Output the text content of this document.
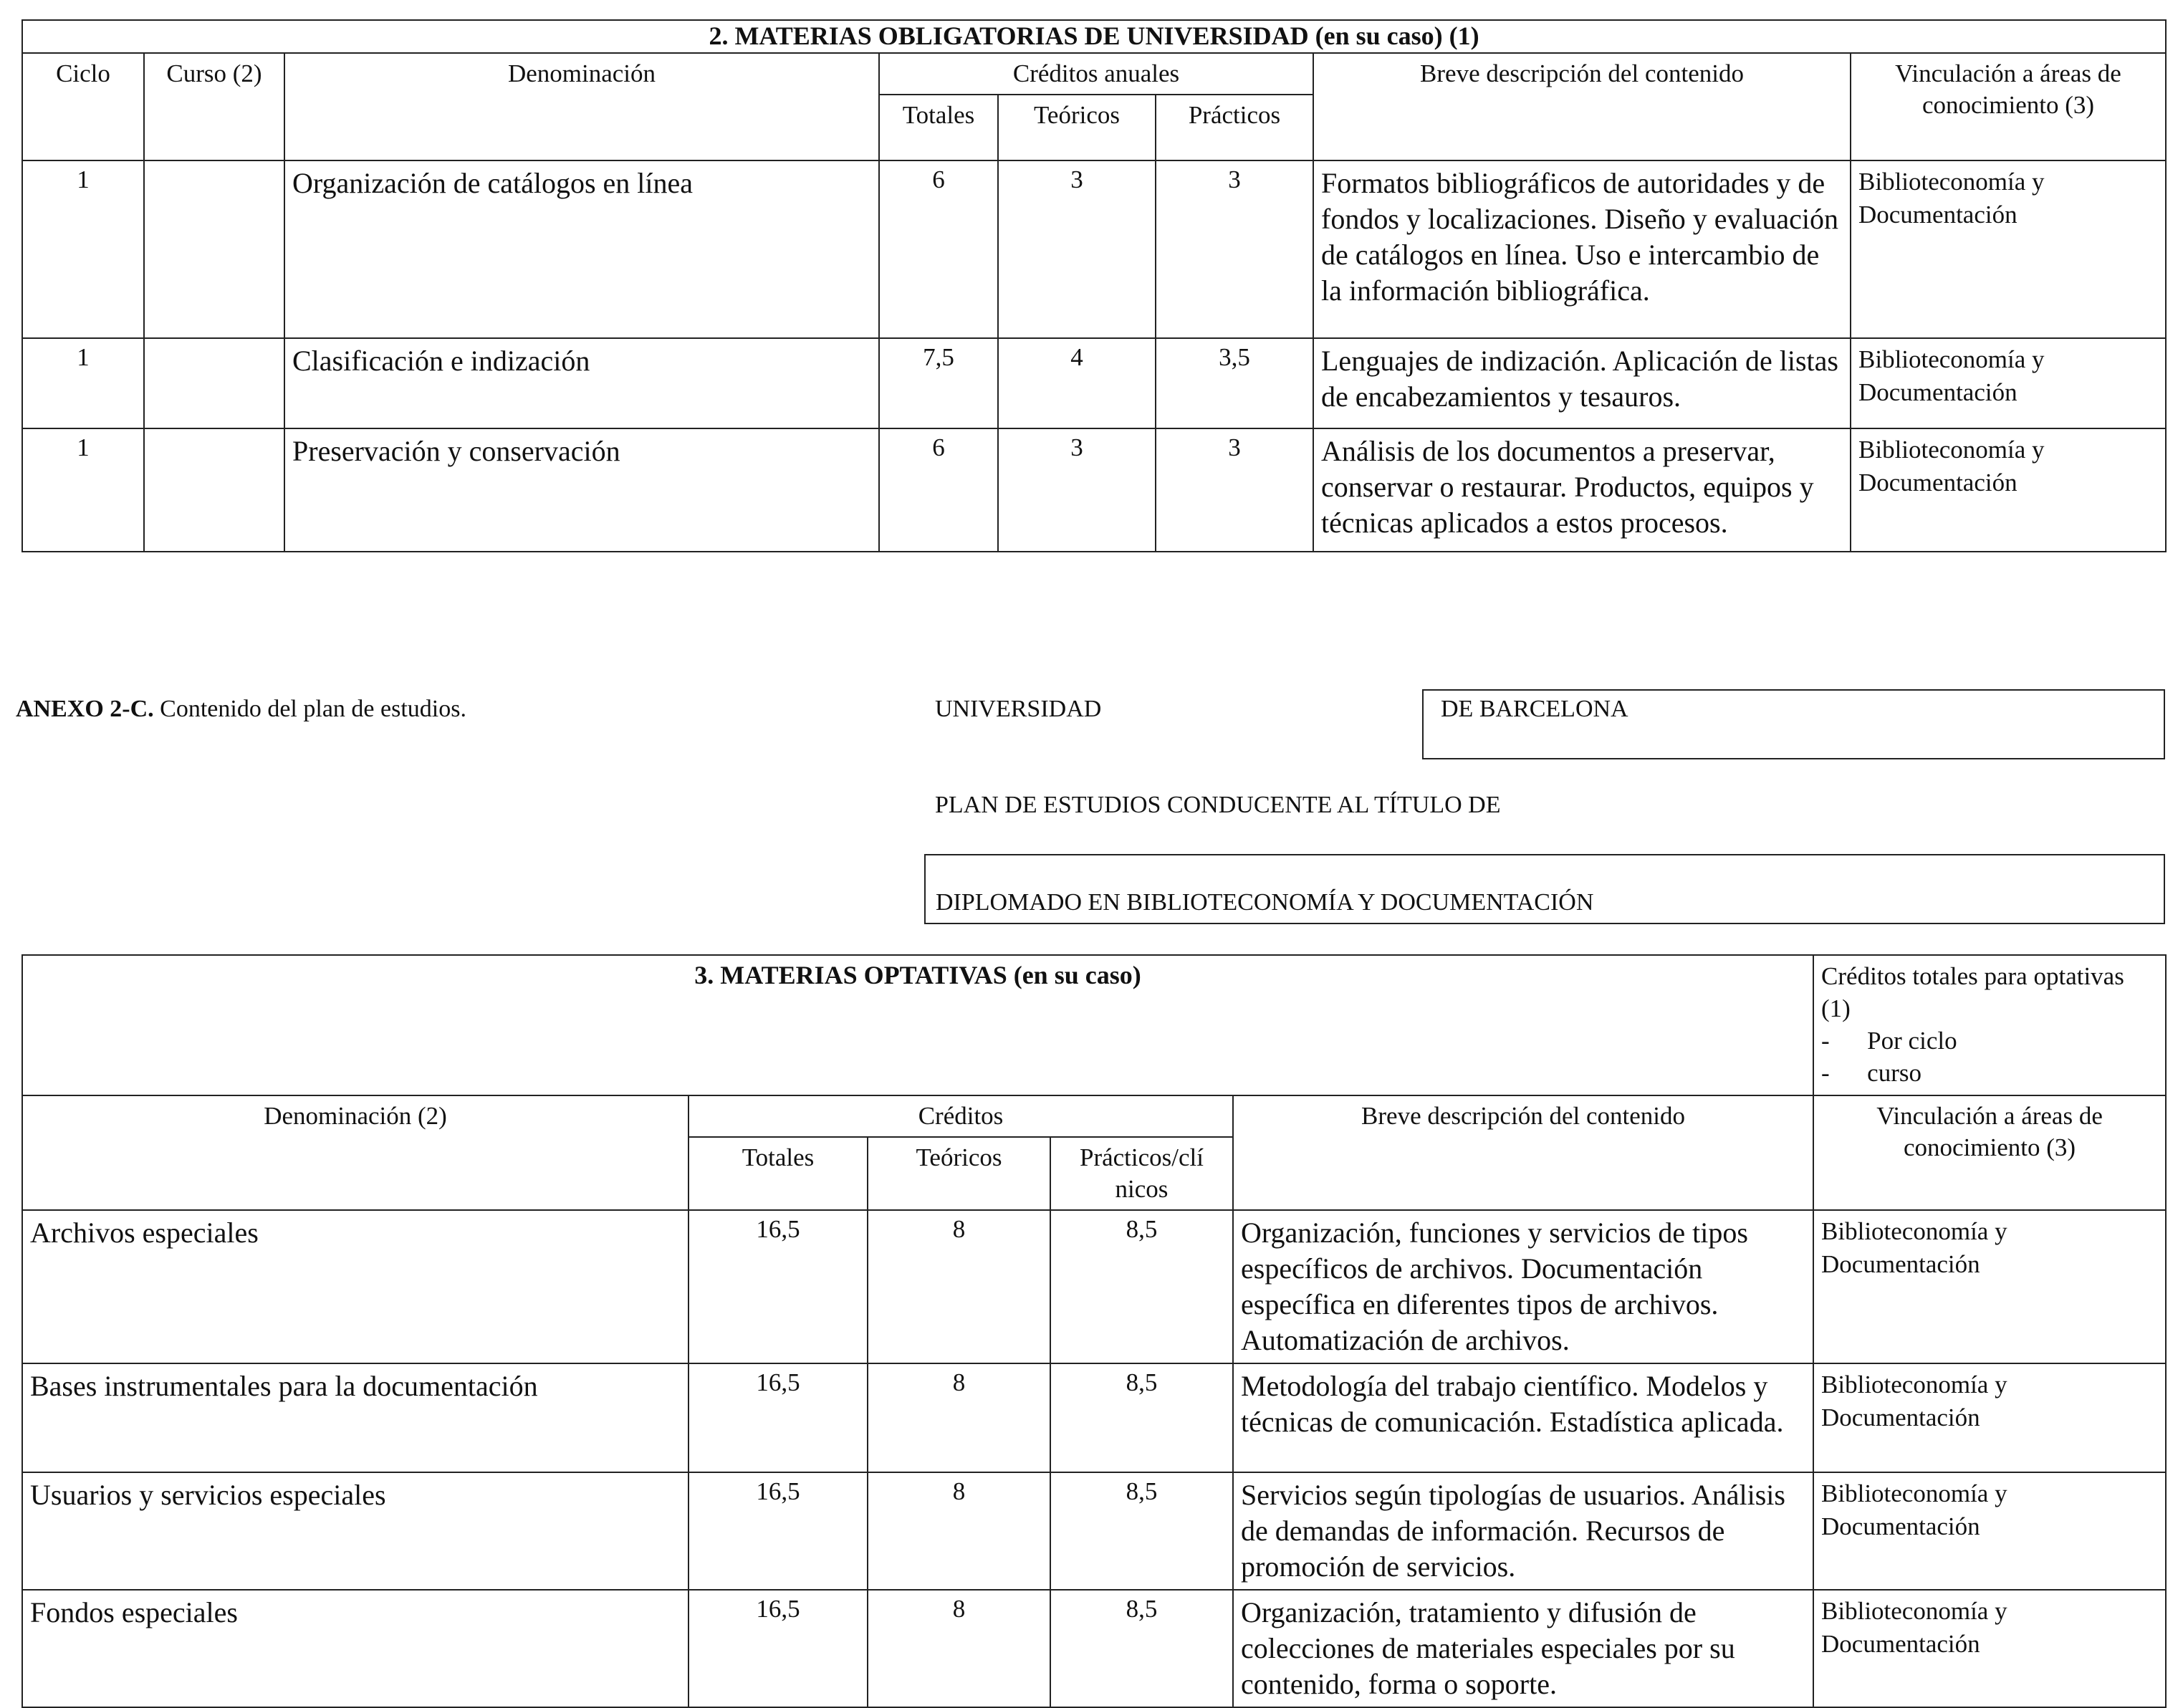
2. MATERIAS OBLIGATORIAS DE UNIVERSIDAD (en su caso) (1)							
Ciclo	Curso (2)	Denominación	Créditos anuales			Breve descripción del contenido	Vinculación a áreas de conocimiento (3)
			Totales	Teóricos	Prácticos		
1		Organización de catálogos en línea	6	3	3	Formatos bibliográficos de autoridades y de fondos y localizaciones. Diseño y evaluación de catálogos en línea. Uso e intercambio de la información bibliográfica.	Biblioteconomía y Documentación
1		Clasificación e indización	7,5	4	3,5	Lenguajes de indización. Aplicación de listas de encabezamientos y tesauros.	Biblioteconomía y Documentación
1		Preservación y conservación	6	3	3	Análisis de los documentos a preservar, conservar o restaurar. Productos, equipos y técnicas aplicados a estos procesos.	Biblioteconomía y Documentación
ANEXO 2-C. Contenido del plan de estudios.	UNIVERSIDAD	DE BARCELONA
PLAN DE ESTUDIOS CONDUCENTE AL TÍTULO DE
DIPLOMADO EN BIBLIOTECONOMÍA Y DOCUMENTACIÓN
3. MATERIAS OPTATIVAS (en su caso)					Créditos totales para optativas
(1)
-      Por ciclo
-      curso

Denominación (2)	Créditos			Breve descripción del contenido	Vinculación a áreas de conocimiento (3)
	Totales	Teóricos	Prácticos/clí nicos		
Archivos especiales	16,5	8	8,5	Organización, funciones y servicios de tipos específicos de archivos. Documentación específica en diferentes tipos de archivos. Automatización de archivos.	Biblioteconomía y Documentación
Bases instrumentales para la documentación	16,5	8	8,5	Metodología del trabajo científico. Modelos y técnicas de comunicación. Estadística aplicada.	Biblioteconomía y Documentación
Usuarios y servicios especiales	16,5	8	8,5	Servicios según tipologías de usuarios. Análisis de demandas de información. Recursos de promoción de servicios.	Biblioteconomía y Documentación
Fondos especiales	16,5	8	8,5	Organización, tratamiento y difusión de colecciones de materiales especiales por su contenido, forma o soporte.	Biblioteconomía y Documentación
